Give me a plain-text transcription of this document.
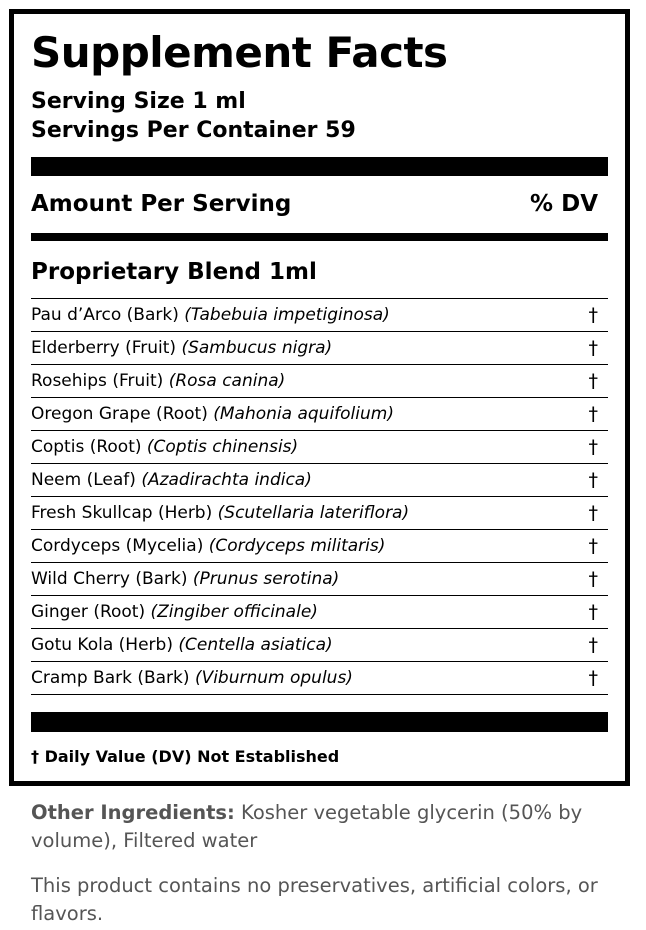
Supplement Facts
Serving Size 1 ml
Servings Per Container 59
Amount Per Serving	% DV
Proprietary Blend 1ml
Pau d’Arco (Bark) (Tabebuia impetiginosa)	†
Elderberry (Fruit) (Sambucus nigra)	†
Rosehips (Fruit) (Rosa canina)	†
Oregon Grape (Root) (Mahonia aquifolium)	†
Coptis (Root) (Coptis chinensis)	†
Neem (Leaf) (Azadirachta indica)	†
Fresh Skullcap (Herb) (Scutellaria lateriflora)	†
Cordyceps (Mycelia) (Cordyceps militaris)	†
Wild Cherry (Bark) (Prunus serotina)	†
Ginger (Root) (Zingiber officinale)	†
Gotu Kola (Herb) (Centella asiatica)	†
Cramp Bark (Bark) (Viburnum opulus)	†
† Daily Value (DV) Not Established
Other Ingredients: Kosher vegetable glycerin (50% by volume), Filtered water
This product contains no preservatives, artificial colors, or flavors.
